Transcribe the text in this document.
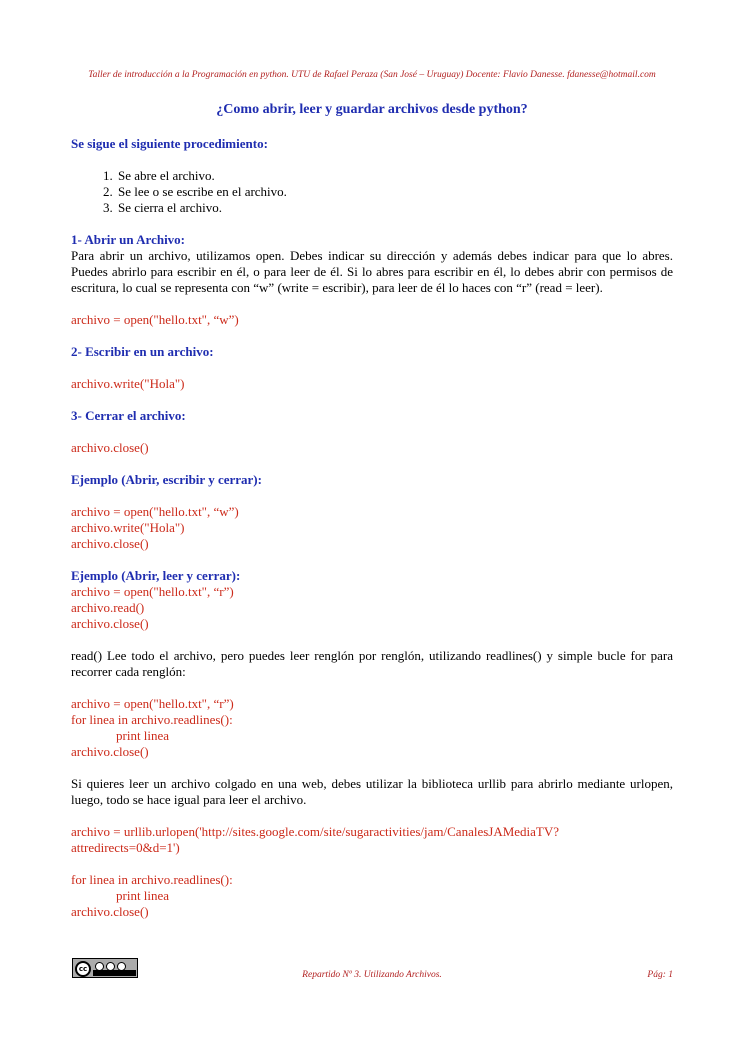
Taller de introducción a la Programación en python. UTU de Rafael Peraza (San José – Uruguay) Docente: Flavio Danesse. fdanesse@hotmail.com
¿Como abrir, leer y guardar archivos desde python?

Se sigue el siguiente procedimiento:

1. Se abre el archivo.
2. Se lee o se escribe en el archivo.
3. Se cierra el archivo.

1- Abrir un Archivo:

Para abrir un archivo, utilizamos open. Debes indicar su dirección y además debes indicar para que lo abres. Puedes abrirlo para escribir en él, o para leer de él. Si lo abres para escribir en él, lo debes abrir con permisos de escritura, lo cual se representa con “w” (write = escribir), para leer de él lo haces con “r” (read = leer).

archivo = open("hello.txt", “w”)

2- Escribir en un archivo:

archivo.write("Hola")

3- Cerrar el archivo:

archivo.close()

Ejemplo (Abrir, escribir y cerrar):

archivo = open("hello.txt", “w”)
archivo.write("Hola")
archivo.close()

Ejemplo (Abrir, leer y cerrar):

archivo = open("hello.txt", “r”)
archivo.read()
archivo.close()

read() Lee todo el archivo, pero puedes leer renglón por renglón, utilizando readlines() y simple bucle for para recorrer cada renglón:

archivo = open("hello.txt", “r”)
for linea in archivo.readlines():
print linea
archivo.close()

Si quieres leer un archivo colgado en una web, debes utilizar la biblioteca urllib para abrirlo mediante urlopen, luego, todo se hace igual para leer el archivo.

archivo = urllib.urlopen('http://sites.google.com/site/sugaractivities/jam/CanalesJAMediaTV?
attredirects=0&d=1')
for linea in archivo.readlines():
print linea
archivo.close()
cc
Repartido Nº 3. Utilizando Archivos.	Pág: 1
